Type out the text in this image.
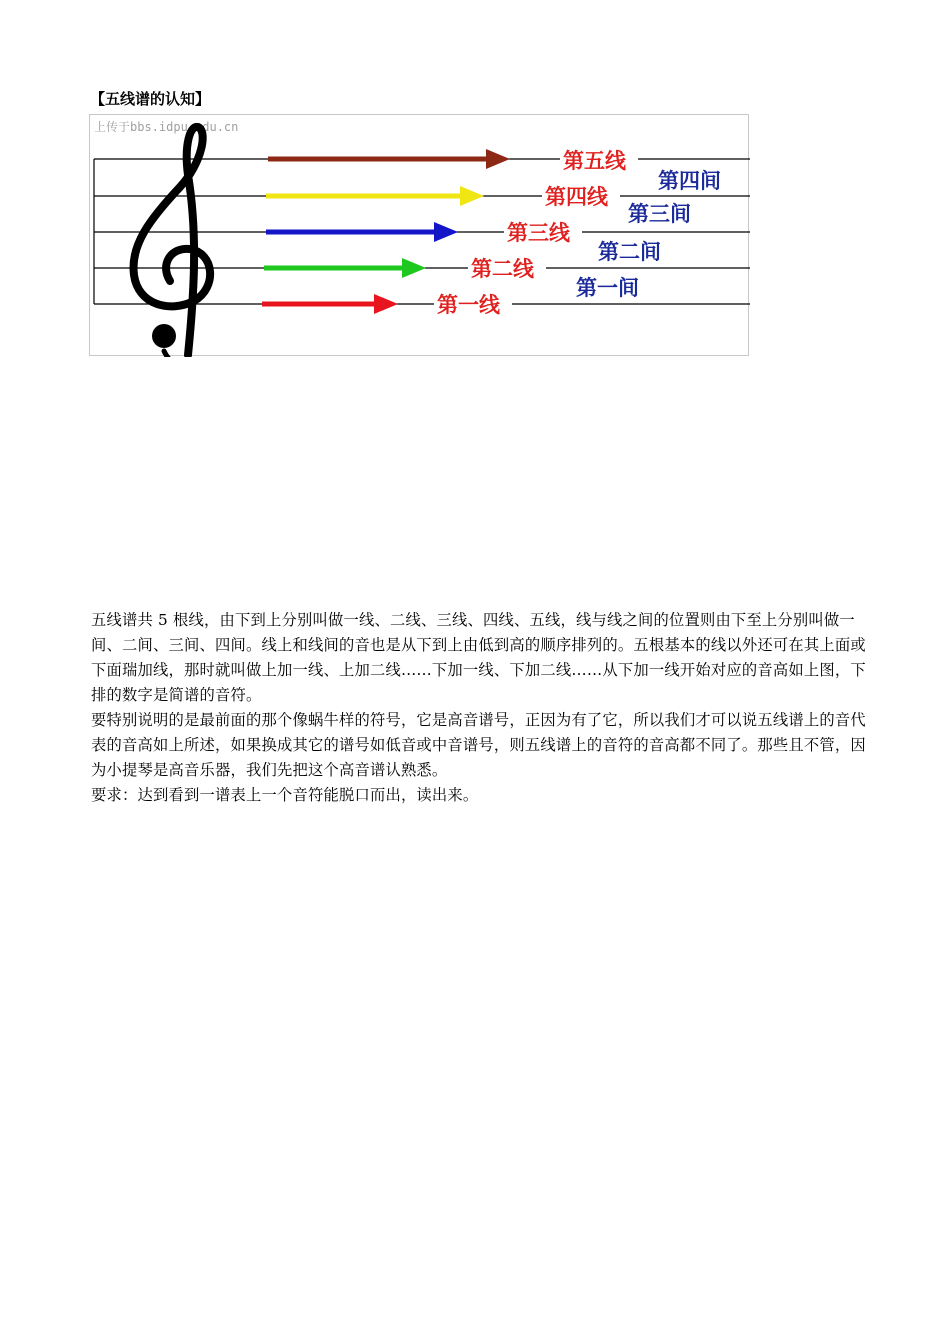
【五线谱的认知】
上传于bbs.idpu.edu.cn
第五线
第四线
第三线
第二线
第一线
第四间
第三间
第二间
第一间

五线谱共 5 根线，由下到上分别叫做一线、二线、三线、四线、五线，线与线之间的位置则由下至上分别叫做一间、二间、三间、四间。线上和线间的音也是从下到上由低到高的顺序排列的。五根基本的线以外还可在其上面或下面瑞加线，那时就叫做上加一线、上加二线……下加一线、下加二线……从下加一线开始对应的音高如上图，下排的数字是简谱的音符。

要特别说明的是最前面的那个像蜗牛样的符号，它是高音谱号，正因为有了它，所以我们才可以说五线谱上的音代表的音高如上所述，如果换成其它的谱号如低音或中音谱号，则五线谱上的音符的音高都不同了。那些且不管，因为小提琴是高音乐器，我们先把这个高音谱认熟悉。

要求：达到看到一谱表上一个音符能脱口而出，读出来。
